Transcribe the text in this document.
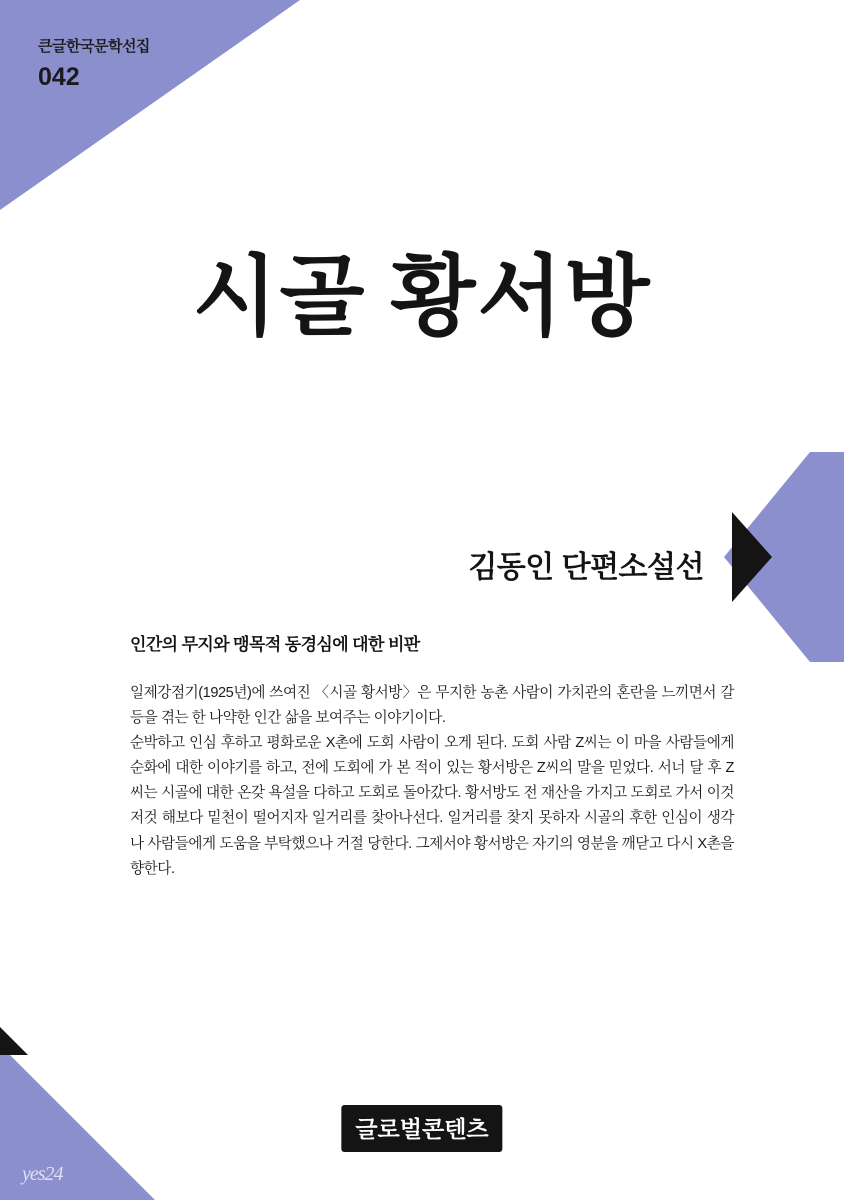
큰글한국문학선집
042
시골 황서방
김동인 단편소설선
인간의 무지와 맹목적 동경심에 대한 비판

일제강점기(1925년)에 쓰여진 〈시골 황서방〉은 무지한 농촌 사람이 가치관의 혼란을 느끼면서 갈등을 겪는 한 나약한 인간 삶을 보여주는 이야기이다.
순박하고 인심 후하고 평화로운 X촌에 도회 사람이 오게 된다. 도회 사람 Z씨는 이 마을 사람들에게 순화에 대한 이야기를 하고, 전에 도회에 가 본 적이 있는 황서방은 Z씨의 말을 믿었다. 서너 달 후 Z씨는 시골에 대한 온갖 욕설을 다하고 도회로 돌아갔다. 황서방도 전 재산을 가지고 도회로 가서 이것저것 해보다 밑천이 떨어지자 일거리를 찾아나선다. 일거리를 찾지 못하자 시골의 후한 인심이 생각나 사람들에게 도움을 부탁했으나 거절 당한다. 그제서야 황서방은 자기의 영분을 깨닫고 다시 X촌을 향한다.

글로벌콘텐츠
yes24
